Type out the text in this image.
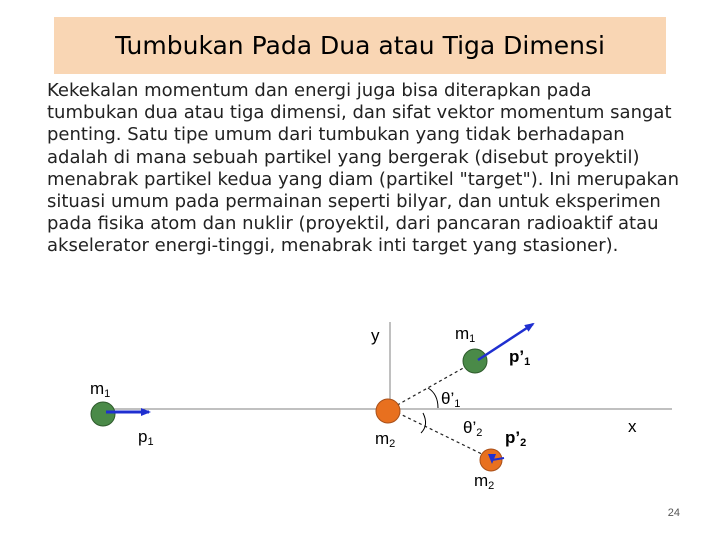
Tumbukan Pada Dua atau Tiga Dimensi
Kekekalan momentum dan energi juga bisa diterapkan pada tumbukan dua atau tiga dimensi, dan sifat vektor momentum sangat penting. Satu tipe umum dari tumbukan yang tidak berhadapan adalah di mana sebuah partikel yang bergerak (disebut proyektil) menabrak partikel kedua yang diam (partikel "target"). Ini merupakan situasi umum pada permainan seperti bilyar, dan untuk eksperimen pada fisika atom dan nuklir (proyektil, dari pancaran radioaktif atau akselerator energi-tinggi, menabrak inti target yang stasioner).
y
x
m1
p1	m2
m1
p’1
θ’1
θ’2 p’2
m2
24
